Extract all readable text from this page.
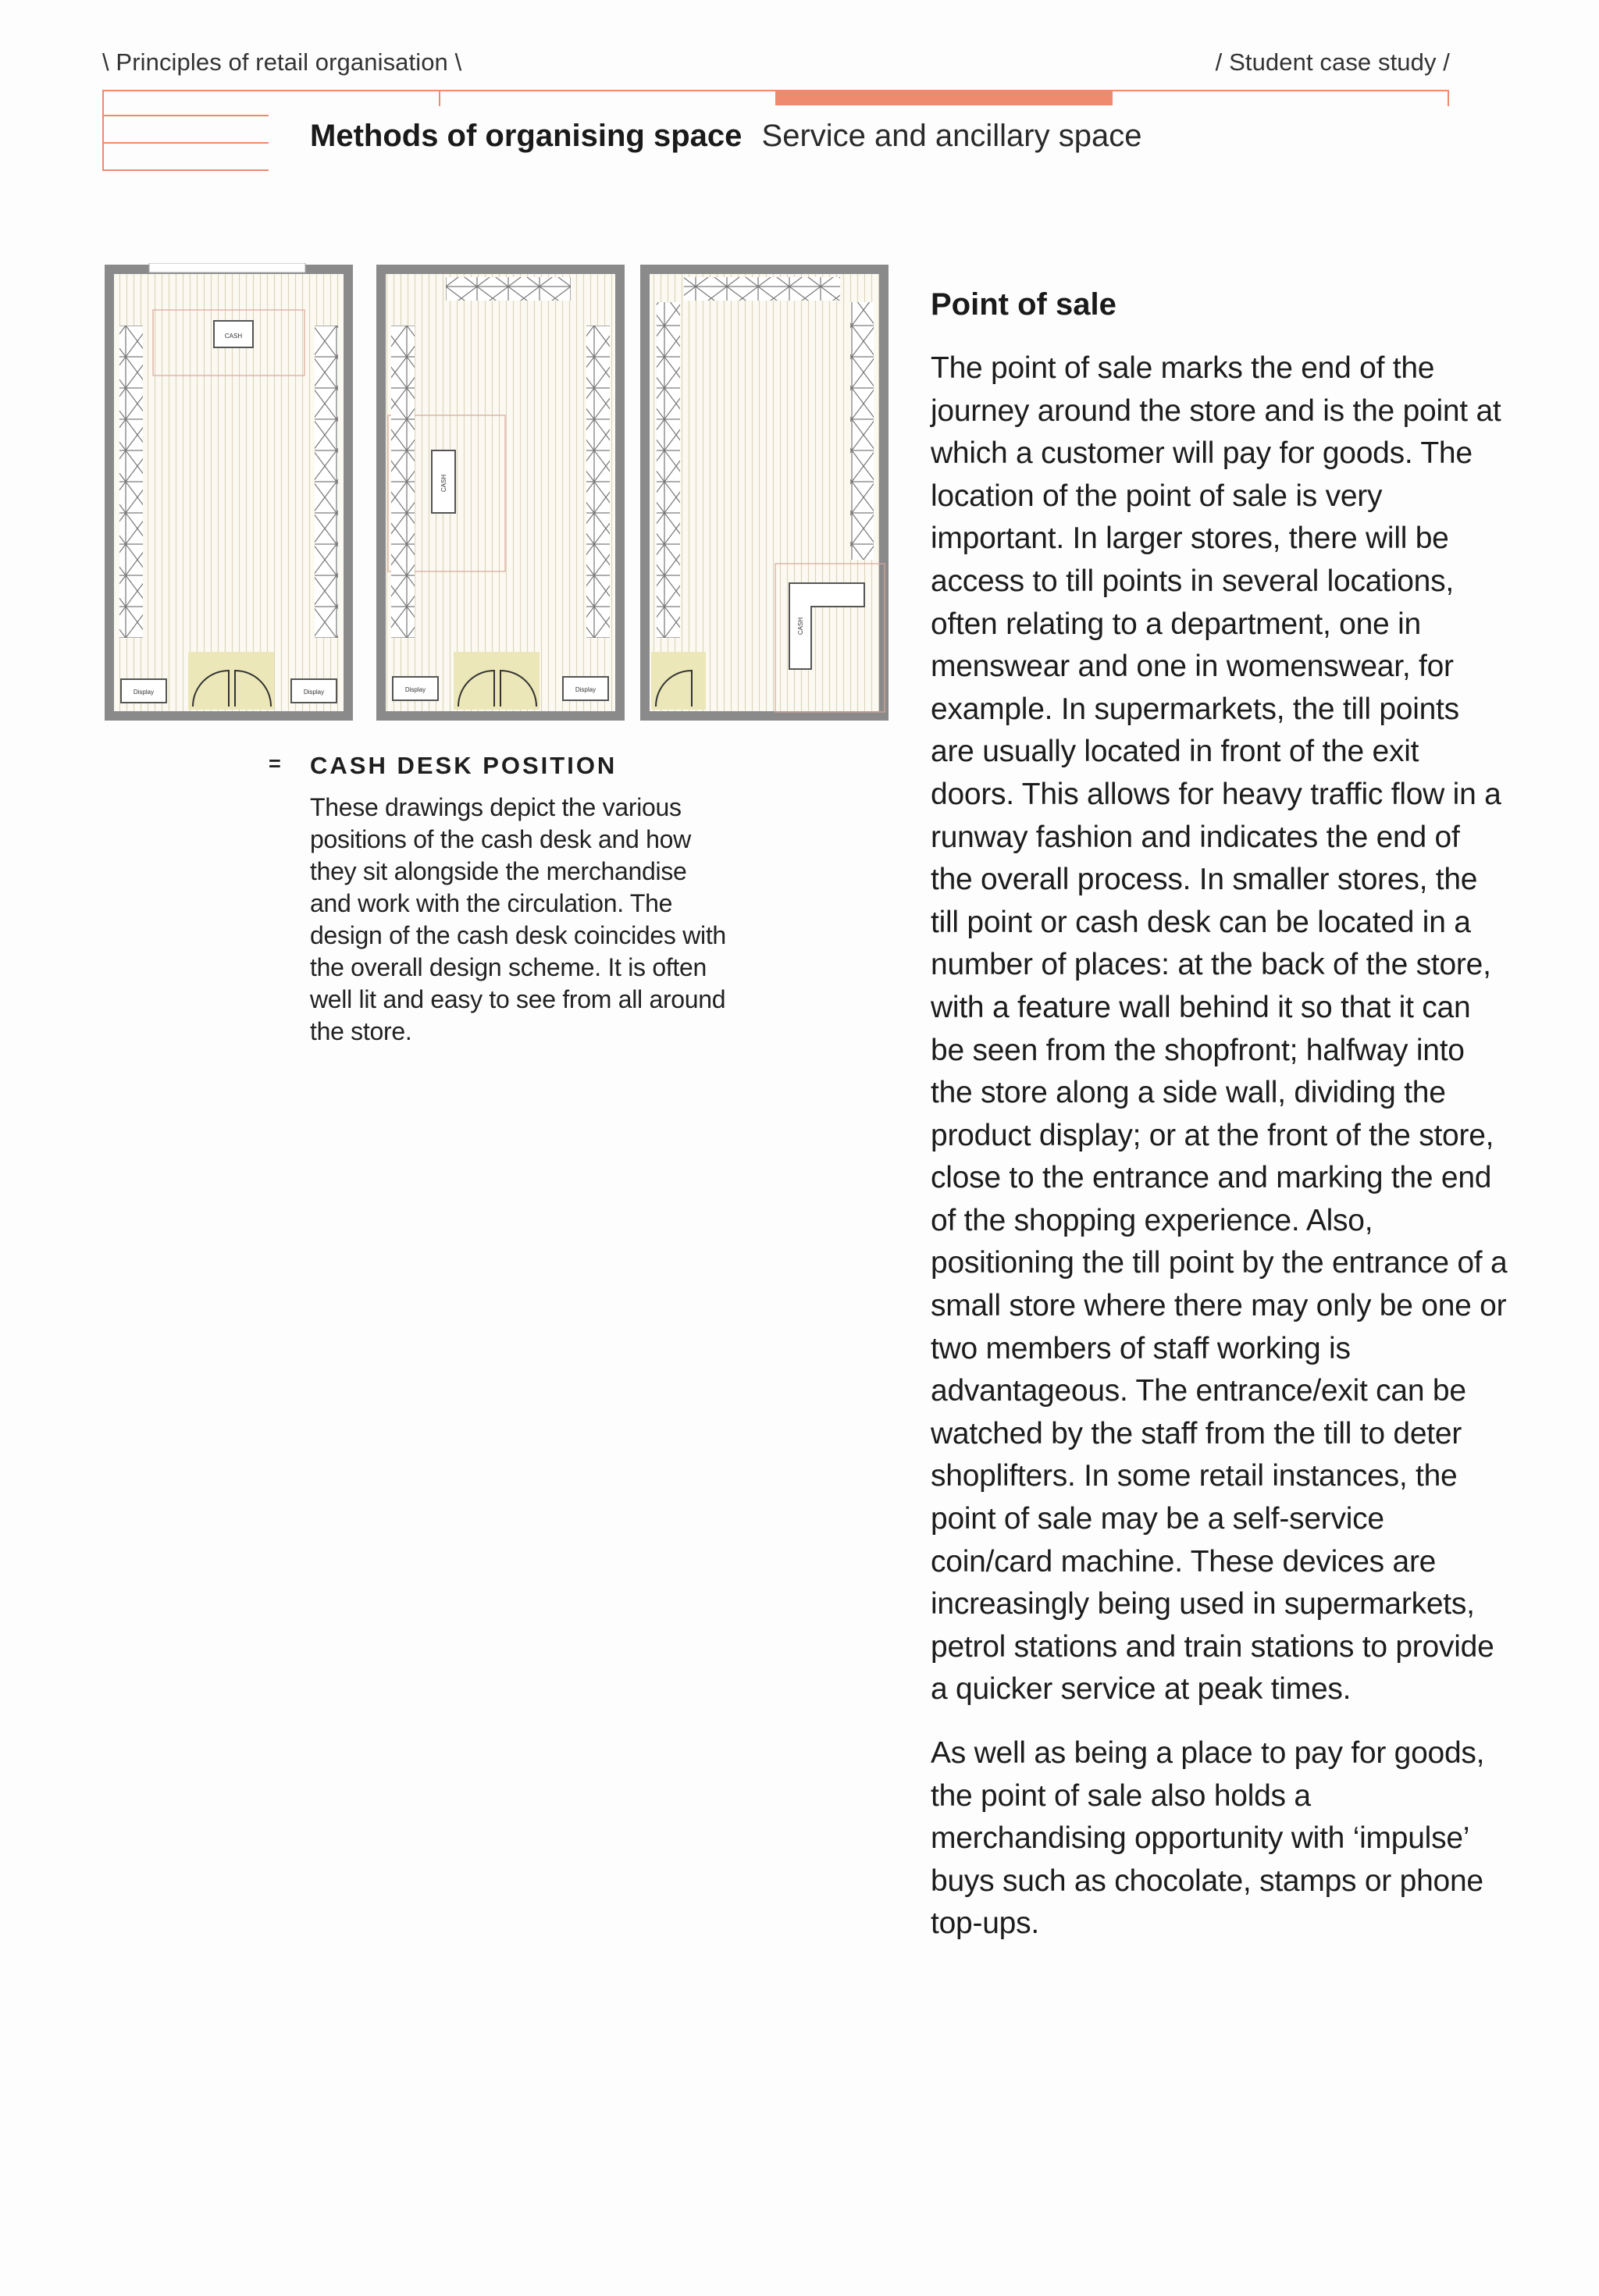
\ Principles of retail organisation \	/ Student case study /
Methods of organising space Service and ancillary space
CASH
Display	Display
CASH
Display	Display
CASH
= CASH DESK POSITION
These drawings depict the various positions of the cash desk and how they sit alongside the merchandise and work with the circulation. The design of the cash desk coincides with the overall design scheme. It is often well lit and easy to see from all around the store.
Point of sale

The point of sale marks the end of the journey around the store and is the point at which a customer will pay for goods. The location of the point of sale is very important. In larger stores, there will be access to till points in several locations, often relating to a department, one in menswear and one in womenswear, for example. In supermarkets, the till points are usually located in front of the exit doors. This allows for heavy traffic flow in a runway fashion and indicates the end of the overall process. In smaller stores, the till point or cash desk can be located in a number of places: at the back of the store, with a feature wall behind it so that it can be seen from the shopfront; halfway into the store along a side wall, dividing the product display; or at the front of the store, close to the entrance and marking the end of the shopping experience. Also, positioning the till point by the entrance of a small store where there may only be one or two members of staff working is advantageous. The entrance/exit can be watched by the staff from the till to deter shoplifters. In some retail instances, the point of sale may be a self-service coin/card machine. These devices are increasingly being used in supermarkets, petrol stations and train stations to provide a quicker service at peak times.

As well as being a place to pay for goods, the point of sale also holds a merchandising opportunity with ‘impulse’ buys such as chocolate, stamps or phone top-ups.
